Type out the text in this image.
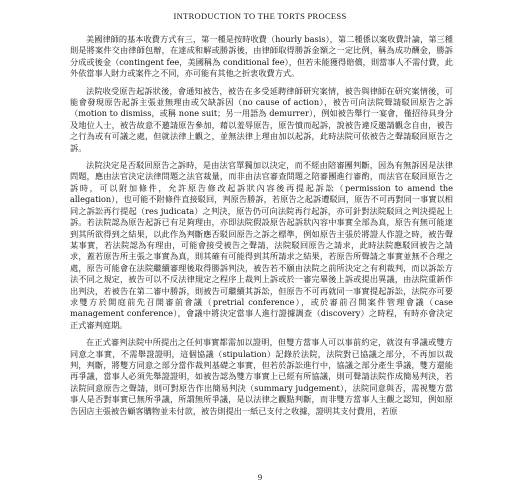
INTRODUCTION TO THE TORTS PROCESS

美國律師的基本收費方式有三，第一種是按時收費（hourly basis），第二種係以案收費計論，第三種則是將案件交由律師包辦，在達成和解或勝訴後，由律師取得勝訴金額之一定比例，稱為成功酬金，勝訴分成或後金（contingent fee，美國稱為 conditional fee），但若未能獲得賠償，則當事人不需付費，此外依當事人財力或案件之不同，亦可能有其他之折衷收費方式。

法院收受原告起訴狀後，會通知被告，被告在多受延聘律師研究案情，被告與律師在研究案情後，可能會發現原告起訴主張並無理由或欠缺訴因（no cause of action），被告可向法院聲請駁回原告之訴（motion to dismiss，或稱 none suit；另一用語為 demurrer），例如被告舉行一宴會，僅招待具身分及地位人士，被告故意不邀請原告參加，藉以羞辱原告，原告憤而起訴，說被告違反邀請觀念自由，被告之行為或有可議之處，但就法律上觀之，並無法律上理由加以起訴，此時法院可依被告之聲請駁回原告之訴。

法院決定是否駁回原告之訴時，是由法官單獨加以決定，而不經由陪審團判斷，因為有無訴因是法律問題，應由法官決定法律問題之法官裁量，而非由法官審查問題之陪審團進行審酌，而法官在駁回原告之訴時，可以附加條件，允許原告修改起訴狀內容後再提起訴訟（permission to amend the allegation），也可能不附條件直接駁回，判原告勝訴，若原告之起訴遭駁回，原告不可再對同一事實以相同之訴訟再行提起（res judicata）之判決，原告仍可向法院再行起訴，亦可針對法院駁回之判決提起上訴。若法院認為原告起訴已有足夠理由，亦即法院假設原告起訴狀內容中事實全部為真，原告有無可能達到其所欲得到之結果，以此作為判斷應否駁回原告之訴之標準，例如原告主張於將證人作證之時，被告聲某事實，若法院認為有理由，可能會接受被告之聲請，法院駁回原告之請求，此時法院應駁回被告之請求，蓋若原告所主張之事實為真，則其確有可能得到其所請求之結果，若原告所聲請之事實並無不合理之處，原告可能會在法院繼續審理後取得勝訴判決，被告若不願由法院之前所決定之有利裁判，而以訴訟方法不同之規定，被告可以不反法律規定之程序上裁判上訴或於一審完畢後上訴或提出異議，由法院重新作出判決，若被告在第二審中勝訴，則被告可繼續其訴訟，但原告不可再就同一事實提起訴訟，法院亦可要求雙方於開庭前先召開審前會議（pretrial conference），或於審前召開案件管理會議（case management conference），會議中將決定當事人進行證據調查（discovery）之時程，有時亦會決定正式審判庭期。

在正式審判法院中所提出之任何事實都需加以證明，但雙方當事人可以事前約定，就沒有爭議或雙方同意之事實，不需舉證證明，這個協議（stipulation）記錄於法院，法院對已協議之部分，不再加以裁判，判斷，將雙方同意之部分當作裁判基礎之事實，但若於訴訟進行中，協議之部分產生爭議，雙方還能再爭議，當事人必須先舉證證明，如被告認為雙方事實上已經有所協議，則可聲請法院作成簡易判決，若法院同意原告之聲請，則可對原告作出簡易判決（summary judgement），法院同意與否，需視雙方當事人是否對事實已無所爭議，所謂無所爭議，是以法律之觀點判斷，而非雙方當事人主觀之認知，例如原告因店主張被告顧客購物並未付款，被告則提出一紙已支付之收據，證明其支付費用，若原

9
